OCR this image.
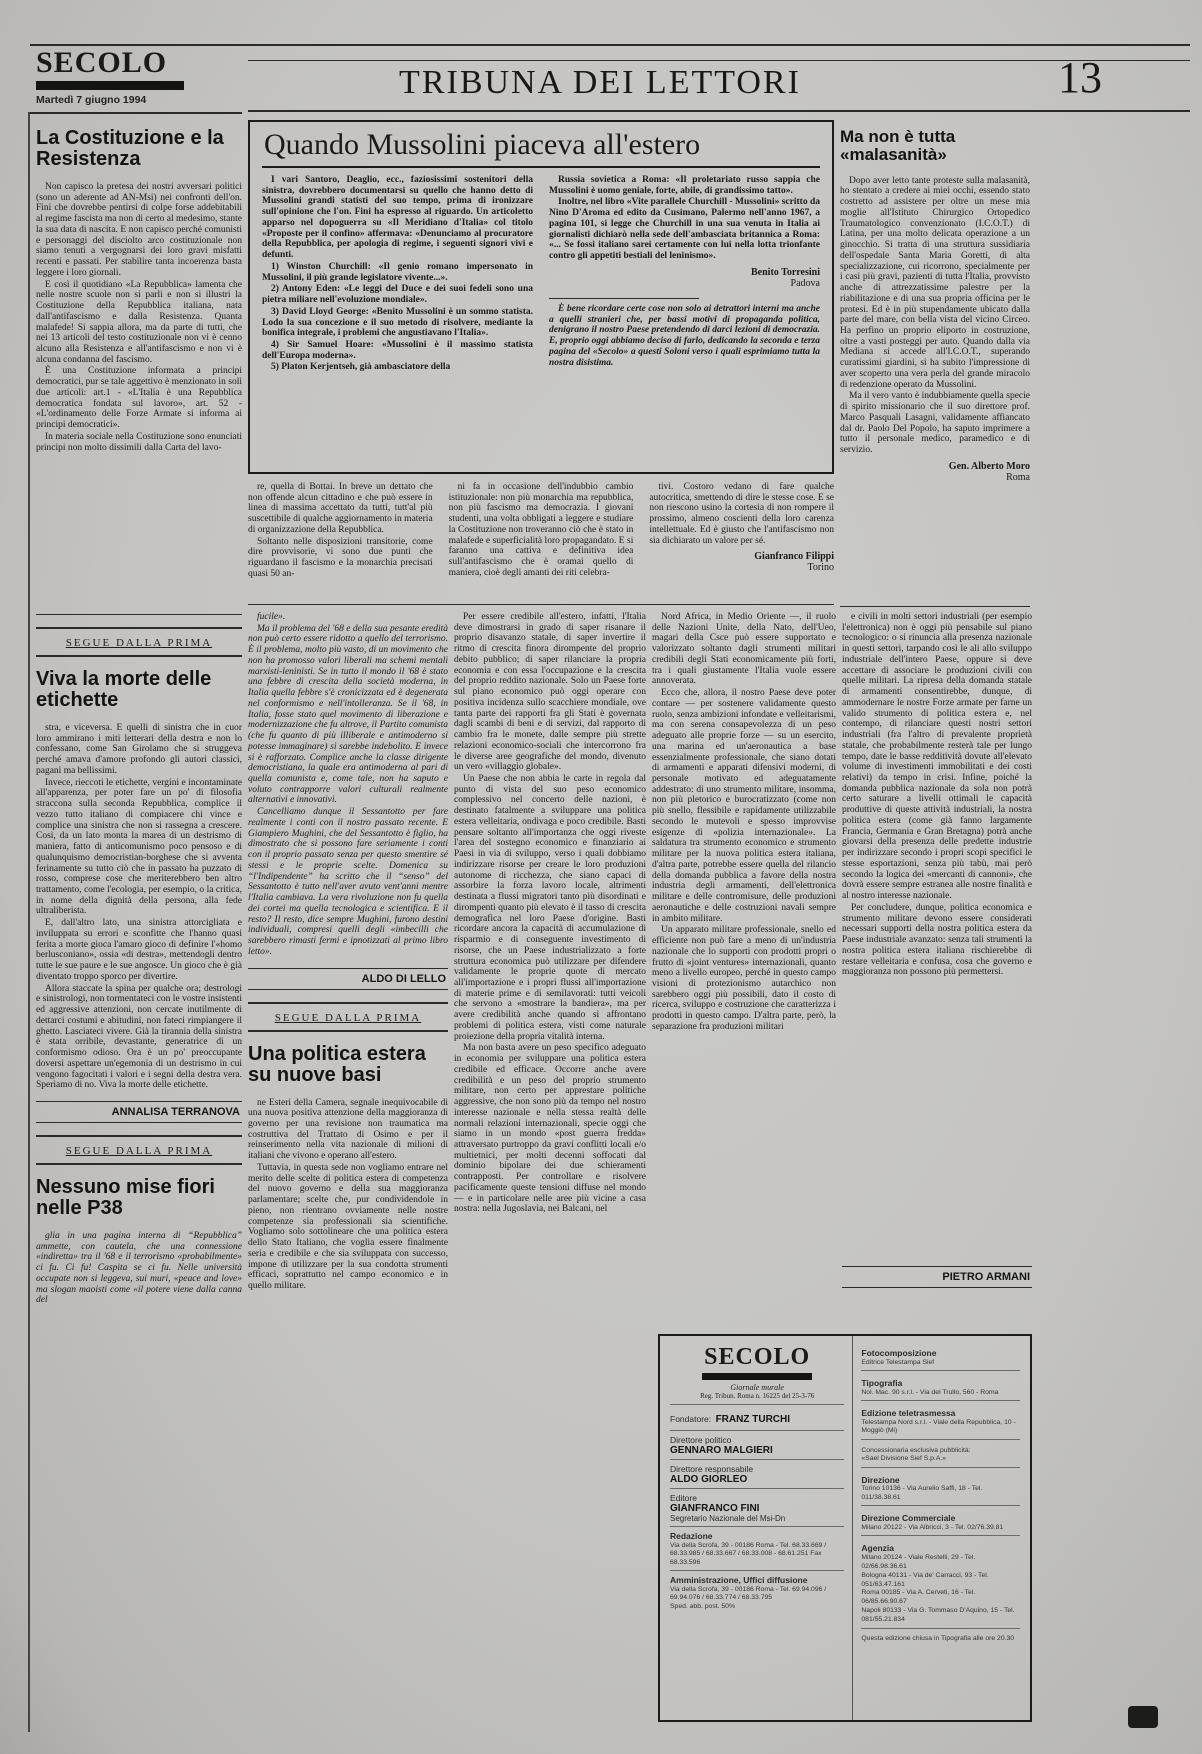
SECOLO
Martedì 7 giugno 1994	TRIBUNA DEI LETTORI	13
La Costituzione e la Resistenza

Non capisco la pretesa dei nostri avversari politici (sono un aderente ad AN-Msi) nei confronti dell'on. Fini che dovrebbe pentirsi di colpe forse addebitabili al regime fascista ma non di certo al medesimo, stante la sua data di nascita. E non capisco perché comunisti e personaggi del disciolto arco costituzionale non siamo tenuti a vergognarsi dei loro gravi misfatti recenti e passati. Per stabilire tanta incoerenza basta leggere i loro giornali.

E così il quotidiano «La Repubblica» lamenta che nelle nostre scuole non si parli e non si illustri la Costituzione della Repubblica italiana, nata dall'antifascismo e dalla Resistenza. Quanta malafede! Si sappia allora, ma da parte di tutti, che nei 13 articoli del testo costituzionale non vi è cenno alcuno alla Resistenza e all'antifascismo e non vi è alcuna condanna del fascismo.

È una Costituzione informata a principi democratici, pur se tale aggettivo è menzionato in soli due articoli: art.1 - «L'Italia è una Repubblica democratica fondata sul lavoro», art. 52 - «L'ordinamento delle Forze Armate si informa ai principi democratici».

In materia sociale nella Costituzione sono enunciati principi non molto dissimili dalla Carta del lavo-

Quando Mussolini piaceva all'estero

I vari Santoro, Deaglio, ecc., faziosissimi sostenitori della sinistra, dovrebbero documentarsi su quello che hanno detto di Mussolini grandi statisti del suo tempo, prima di ironizzare sull'opinione che l'on. Fini ha espresso al riguardo. Un articoletto apparso nel dopoguerra su «Il Meridiano d'Italia» col titolo «Proposte per il confino» affermava: «Denunciamo al procuratore della Repubblica, per apologia di regime, i seguenti signori vivi e defunti.

1) Winston Churchill: «Il genio romano impersonato in Mussolini, il più grande legislatore vivente...».

2) Antony Eden: «Le leggi del Duce e dei suoi fedeli sono una pietra miliare nell'evoluzione mondiale».

3) David Lloyd George: «Benito Mussolini è un sommo statista. Lodo la sua concezione e il suo metodo di risolvere, mediante la bonifica integrale, i problemi che angustiavano l'Italia».

4) Sir Samuel Hoare: «Mussolini è il massimo statista dell'Europa moderna».

5) Platon Kerjentseh, già ambasciatore della

Russia sovietica a Roma: «Il proletariato russo sappia che Mussolini è uomo geniale, forte, abile, di grandissimo tatto».

Inoltre, nel libro «Vite parallele Churchill - Mussolini» scritto da Nino D'Aroma ed edito da Cusimano, Palermo nell'anno 1967, a pagina 101, si legge che Churchill in una sua venuta in Italia ai giornalisti dichiarò nella sede dell'ambasciata britannica a Roma: «... Se fossi italiano sarei certamente con lui nella lotta trionfante contro gli appetiti bestiali del leninismo».

Benito Torresini
Padova

È bene ricordare certe cose non solo ai detrattori interni ma anche a quelli stranieri che, per bassi motivi di propaganda politica, denigrano il nostro Paese pretendendo di darci lezioni di democrazia. E, proprio oggi abbiamo deciso di farlo, dedicando la seconda e terza pagina del «Secolo» a questi Soloni verso i quali esprimiamo tutta la nostra disistima.

re, quella di Bottai. In breve un dettato che non offende alcun cittadino e che può essere in linea di massima accettato da tutti, tutt'al più suscettibile di qualche aggiornamento in materia di organizzazione della Repubblica.

Soltanto nelle disposizioni transitorie, come dire provvisorie, vi sono due punti che riguardano il fascismo e la monarchia precisati quasi 50 an-

ni fa in occasione dell'indubbio cambio istituzionale: non più monarchia ma repubblica, non più fascismo ma democrazia. I giovani studenti, una volta obbligati a leggere e studiare la Costituzione non troveranno ciò che è stato in malafede e superficialità loro propagandato. E si faranno una cattiva e definitiva idea sull'antifascismo che è oramai quello di maniera, cioè degli amanti dei riti celebra-

tivi. Costoro vedano di fare qualche autocritica, smettendo di dire le stesse cose. E se non riescono usino la cortesia di non rompere il prossimo, almeno coscienti della loro carenza intellettuale. Ed è giusto che l'antifascismo non sia dichiarato un valore per sé.

Gianfranco Filippi
Torino
Ma non è tutta «malasanità»

Dopo aver letto tante proteste sulla malasanità, ho stentato a credere ai miei occhi, essendo stato costretto ad assistere per oltre un mese mia moglie all'Istituto Chirurgico Ortopedico Traumatologico convenzionato (I.C.O.T.) di Latina, per una molto delicata operazione a un ginocchio. Si tratta di una struttura sussidiaria dell'ospedale Santa Maria Goretti, di alta specializzazione, cui ricorrono, specialmente per i casi più gravi, pazienti di tutta l'Italia, provvisto anche di attrezzatissime palestre per la riabilitazione e di una sua propria officina per le protesi. Ed è in più stupendamente ubicato dalla parte del mare, con bella vista del vicino Circeo. Ha perfino un proprio eliporto in costruzione, oltre a vasti posteggi per auto. Quando dalla via Mediana si accede all'I.C.O.T., superando curatissimi giardini, si ha subito l'impressione di aver scoperto una vera perla del grande miracolo di redenzione operato da Mussolini.

Ma il vero vanto è indubbiamente quella specie di spirito missionario che il suo direttore prof. Marco Pasquali Lasagni, validamente affiancato dal dr. Paolo Del Popolo, ha saputo imprimere a tutto il personale medico, paramedico e di servizio.

Gen. Alberto Moro
Roma
SEGUE DALLA PRIMA
Viva la morte delle etichette

stra, e viceversa. E quelli di sinistra che in cuor loro ammirano i miti letterari della destra e non lo confessano, come San Girolamo che si struggeva perché amava d'amore profondo gli autori classici, pagani ma bellissimi.

Invece, rieccoti le etichette, vergini e incontaminate all'apparenza, per poter fare un po' di filosofia straccona sulla seconda Repubblica, complice il vezzo tutto italiano di compiacere chi vince e complice una sinistra che non si rassegna a crescere. Così, da un lato monta la marea di un destrismo di maniera, fatto di anticomunismo poco pensoso e di qualunquismo democristian-borghese che si avventa ferinamente su tutto ciò che in passato ha puzzato di rosso, comprese cose che meriterebbero ben altro trattamento, come l'ecologia, per esempio, o la critica, in nome della dignità della persona, alla fede ultraliberista.

E, dall'altro lato, una sinistra attorcigliata e inviluppata su errori e sconfitte che l'hanno quasi ferita a morte gioca l'amaro gioco di definire l'«homo berlusconiano», ossia «di destra», mettendogli dentro tutte le sue paure e le sue angosce. Un gioco che è già diventato troppo sporco per divertire.

Allora staccate la spina per qualche ora; destrologi e sinistrologi, non tormentateci con le vostre insistenti ed aggressive attenzioni, non cercate inutilmente di dettarci costumi e abitudini, non fateci rimpiangere il ghetto. Lasciateci vivere. Già la tirannia della sinistra è stata orribile, devastante, generatrice di un conformismo odioso. Ora è un po' preoccupante doversi aspettare un'egemonia di un destrismo in cui vengono fagocitati i valori e i segni della destra vera. Speriamo di no. Viva la morte delle etichette.

ANNALISA TERRANOVA
SEGUE DALLA PRIMA
Nessuno mise fiori nelle P38

glia in una pagina interna di “Repubblica” ammette, con cautela, che una connessione «indiretta» tra il '68 e il terrorismo «probabilmente» ci fu. Ci fu! Caspita se ci fu. Nelle università occupate non si leggeva, sui muri, «peace and love» ma slogan maoisti come «il potere viene dalla canna del

fucile».

Ma il problema del '68 e della sua pesante eredità non può certo essere ridotto a quello del terrorismo. È il problema, molto più vasto, di un movimento che non ha promosso valori liberali ma schemi mentali marxisti-leninisti. Se in tutto il mondo il '68 è stato una febbre di crescita della società moderna, in Italia quella febbre s'è cronicizzata ed è degenerata nel conformismo e nell'intolleranza. Se il '68, in Italia, fosse stato quel movimento di liberazione e modernizzazione che fu altrove, il Partito comunista (che fu quanto di più illiberale e antimoderno si potesse immaginare) si sarebbe indebolito. E invece si è rafforzato. Complice anche la classe dirigente democristiana, la quale era antimoderna al pari di quella comunista e, come tale, non ha saputo e voluto contrapporre valori culturali realmente alternativi e innovativi.

Cancelliamo dunque il Sessantotto per fare realmente i conti con il nostro passato recente. E Giampiero Mughini, che del Sessantotto è figlio, ha dimostrato che si possono fare seriamente i conti con il proprio passato senza per questo smentire sé stessi e le proprie scelte. Domenica su “l'Indipendente” ha scritto che il “senso” del Sessantotto è tutto nell'aver avuto vent'anni mentre l'Italia cambiava. La vera rivoluzione non fu quella dei cortei ma quella tecnologica e scientifica. E il resto? Il resto, dice sempre Mughini, furono destini individuali, compresi quelli degli «imbecilli che sarebbero rimasti fermi e ipnotizzati al primo libro letto».

ALDO DI LELLO
SEGUE DALLA PRIMA
Una politica estera su nuove basi

ne Esteri della Camera, segnale inequivocabile di una nuova positiva attenzione della maggioranza di governo per una revisione non traumatica ma costruttiva del Trattato di Osimo e per il reinserimento nella vita nazionale di milioni di italiani che vivono e operano all'estero.

Tuttavia, in questa sede non vogliamo entrare nel merito delle scelte di politica estera di competenza del nuovo governo e della sua maggioranza parlamentare; scelte che, pur condividendole in pieno, non rientrano ovviamente nelle nostre competenze sia professionali sia scientifiche. Vogliamo solo sottolineare che una politica estera dello Stato Italiano, che voglia essere finalmente seria e credibile e che sia sviluppata con successo, impone di utilizzare per la sua condotta strumenti efficaci, soprattutto nel campo economico e in quello militare.

Per essere credibile all'estero, infatti, l'Italia deve dimostrarsi in grado di saper risanare il proprio disavanzo statale, di saper invertire il ritmo di crescita finora dirompente del proprio debito pubblico; di saper rilanciare la propria economia e con essa l'occupazione e la crescita del proprio reddito nazionale. Solo un Paese forte sul piano economico può oggi operare con positiva incidenza sullo scacchiere mondiale, ove tanta parte dei rapporti fra gli Stati è governata dagli scambi di beni e di servizi, dal rapporto di cambio fra le monete, dalle sempre più strette relazioni economico-sociali che intercorrono fra le diverse aree geografiche del mondo, divenuto un vero «villaggio globale».

Un Paese che non abbia le carte in regola dal punto di vista del suo peso economico complessivo nel concerto delle nazioni, è destinato fatalmente a sviluppare una politica estera velleitaria, ondivaga e poco credibile. Basti pensare soltanto all'importanza che oggi riveste l'area del sostegno economico e finanziario ai Paesi in via di sviluppo, verso i quali dobbiamo indirizzare risorse per creare le loro produzioni autonome di ricchezza, che siano capaci di assorbire la forza lavoro locale, altrimenti destinata a flussi migratori tanto più disordinati e dirompenti quanto più elevato è il tasso di crescita demografica nel loro Paese d'origine. Basti ricordare ancora la capacità di accumulazione di risparmio e di conseguente investimento di risorse, che un Paese industrializzato a forte struttura economica può utilizzare per difendere validamente le proprie quote di mercato all'importazione e i propri flussi all'importazione di materie prime e di semilavorati: tutti veicoli che servono a «mostrare la bandiera», ma per avere credibilità anche quando si affrontano problemi di politica estera, visti come naturale proiezione della propria vitalità interna.

Ma non basta avere un peso specifico adeguato in economia per sviluppare una politica estera credibile ed efficace. Occorre anche avere credibilità e un peso del proprio strumento militare, non certo per apprestare politiche aggressive, che non sono più da tempo nel nostro interesse nazionale e nella stessa realtà delle normali relazioni internazionali, specie oggi che siamo in un mondo «post guerra fredda» attraversato purtroppo da gravi conflitti locali e/o multietnici, per molti decenni soffocati dal dominio bipolare dei due schieramenti contrapposti. Per controllare e risolvere pacificamente queste tensioni diffuse nel mondo — e in particolare nelle aree più vicine a casa nostra: nella Jugoslavia, nei Balcani, nel

Nord Africa, in Medio Oriente —, il ruolo delle Nazioni Unite, della Nato, dell'Ueo, magari della Csce può essere supportato e valorizzato soltanto dagli strumenti militari credibili degli Stati economicamente più forti, tra i quali giustamente l'Italia vuole essere annoverata.

Ecco che, allora, il nostro Paese deve poter contare — per sostenere validamente questo ruolo, senza ambizioni infondate e velleitarismi, ma con serena consapevolezza di un peso adeguato alle proprie forze — su un esercito, una marina ed un'aeronautica a base essenzialmente professionale, che siano dotati di armamenti e apparati difensivi moderni, di personale motivato ed adeguatamente addestrato: di uno strumento militare, insomma, non più pletorico e burocratizzato (come non più snello, flessibile e rapidamente utilizzabile secondo le mutevoli e spesso improvvise esigenze di «polizia internazionale». La saldatura tra strumento economico e strumento militare per la nuova politica estera italiana, d'altra parte, potrebbe essere quella del rilancio della domanda pubblica a favore della nostra industria degli armamenti, dell'elettronica militare e delle contromisure, delle produzioni aeronautiche e delle costruzioni navali sempre in ambito militare.

Un apparato militare professionale, snello ed efficiente non può fare a meno di un'industria nazionale che lo supporti con prodotti propri o frutto di «joint ventures» internazionali, quanto meno a livello europeo, perché in questo campo visioni di protezionismo autarchico non sarebbero oggi più possibili, dato il costo di ricerca, sviluppo e costruzione che caratterizza i prodotti in questo campo. D'altra parte, però, la separazione fra produzioni militari

e civili in molti settori industriali (per esempio l'elettronica) non è oggi più pensabile sul piano tecnologico: o si rinuncia alla presenza nazionale in questi settori, tarpando così le ali allo sviluppo industriale dell'intero Paese, oppure si deve accettare di associare le produzioni civili con quelle militari. La ripresa della domanda statale di armamenti consentirebbe, dunque, di ammodernare le nostre Forze armate per farne un valido strumento di politica estera e, nel contempo, di rilanciare questi nostri settori industriali (fra l'altro di prevalente proprietà statale, che probabilmente resterà tale per lungo tempo, date le basse redditività dovute all'elevato volume di investimenti immobilitati e dei costi relativi) da tempo in crisi. Infine, poiché la domanda pubblica nazionale da sola non potrà certo saturare a livelli ottimali le capacità produttive di queste attività industriali, la nostra politica estera (come già fanno largamente Francia, Germania e Gran Bretagna) potrà anche giovarsi della presenza delle predette industrie per indirizzare secondo i propri scopi specifici le stesse esportazioni, senza più tabù, mai però secondo la logica dei «mercanti di cannoni», che dovrà essere sempre estranea alle nostre finalità e al nostro interesse nazionale.

Per concludere, dunque, politica economica e strumento militare devono essere considerati necessari supporti della nostra politica estera da Paese industriale avanzato: senza tali strumenti la nostra politica estera italiana rischierebbe di restare velleitaria e confusa, cosa che governo e maggioranza non possono più permettersi.

PIETRO ARMANI
SECOLO
Giornale murale
Reg. Tribun. Roma n. 16225 del 25-3-76
Fondatore: FRANZ TURCHI
Direttore politico
GENNARO MALGIERI
Direttore responsabile
ALDO GIORLEO
Editore
GIANFRANCO FINI
Segretario Nazionale del Msi-Dn
Redazione
Via della Scrofa, 39 - 00186 Roma - Tel. 68.33.669 / 68.33.985 / 68.33.667 / 68.33.008 - 68.61.251 Fax 68.33.596
Amministrazione, Uffici diffusione
Via della Scrofa, 39 - 00186 Roma - Tel. 69.94.096 / 69.94.076 / 68.33.774 / 68.33.795
Sped. abb. post. 50%
Fotocomposizione
Editrice Telestampa Sief
Tipografia
Nol. Mac. 90 s.r.l. - Via del Trullo, 560 - Roma
Edizione teletrasmessa
Telestampa Nord s.r.l. - Viale della Repubblica, 10 - Moggiò (Mi)
Concessionaria esclusiva pubblicità:
«Sael Divisione Sief S.p.A.»
Direzione
Torino 10136 - Via Aurelio Saffi, 18 - Tel. 011/38.38.61
Direzione Commerciale
Milano 20122 - Via Albricci, 3 - Tel. 02/76.39.81
Agenzia

Milano 20124 - Viale Restelli, 29 - Tel. 02/66.98.36.61

Bologna 40131 - Via de' Carracci, 93 - Tel. 051/63.47.161

Roma 00185 - Via A. Cerveti, 16 - Tel. 06/85.66.90.67

Napoli 80133 - Via G. Tommaso D'Aquino, 15 - Tel. 081/55.21.834

Questa edizione chiusa in Tipografia alle ore 20.30
